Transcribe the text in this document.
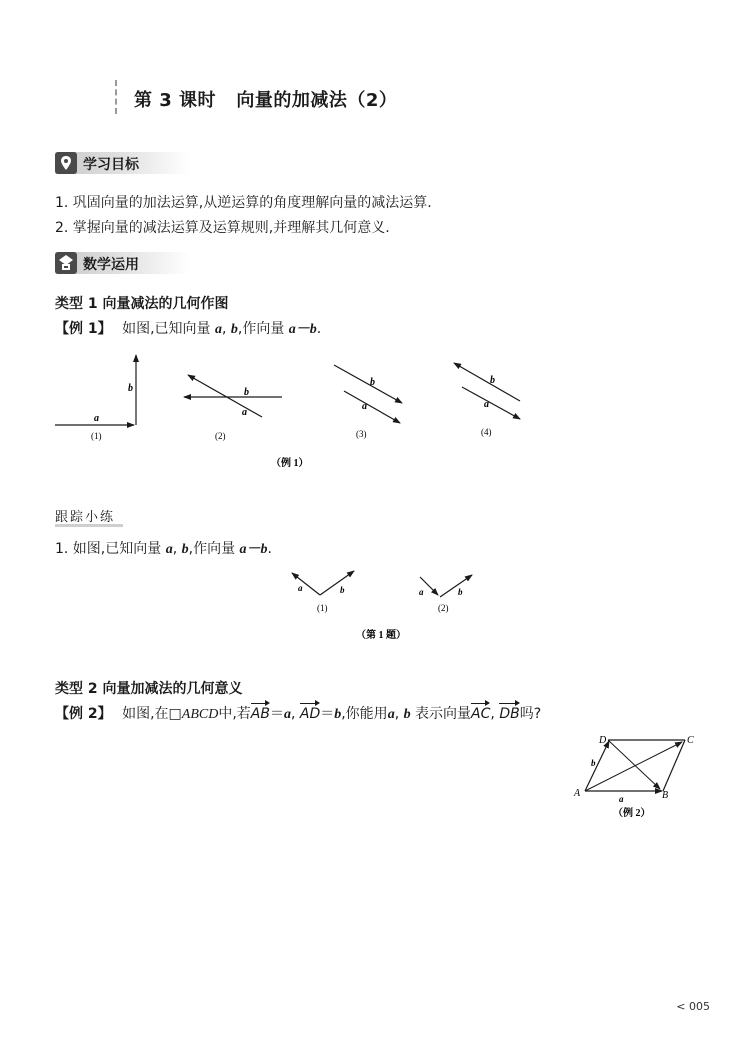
第 3 课时   向量的加减法（2）
学习目标
1. 巩固向量的加法运算,从逆运算的角度理解向量的减法运算.
2. 掌握向量的减法运算及运算规则,并理解其几何意义.
数学运用
类型 1 向量减法的几何作图
【例 1】 如图,已知向量 a, b,作向量 a－b.
a
b
(1)
b
a
(2)
b
a
(3)
b
a
(4)
（例 1）
跟踪小练
1. 如图,已知向量 a, b,作向量 a－b.
a	b
(1)
a	b
(2)
（第 1 题）
类型 2 向量加减法的几何意义
【例 2】 如图,在□ABCD中,若AB＝a, AD＝b,你能用a, b 表示向量AC, DB吗?
A	B
C
D
a
b
（例 2）
< 005
